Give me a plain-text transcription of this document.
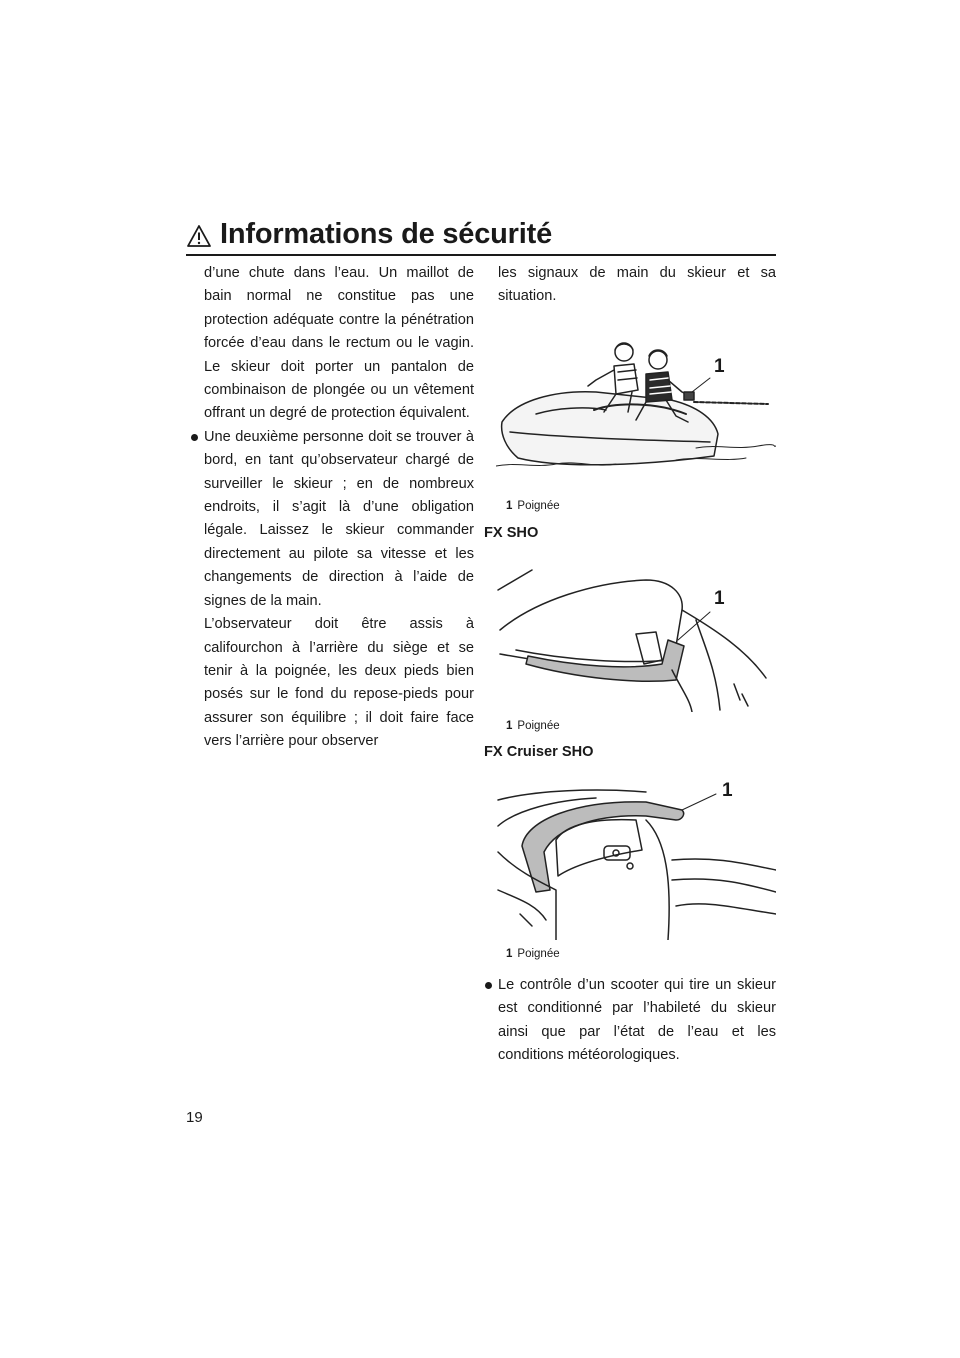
Informations de sécurité

d’une chute dans l’eau. Un maillot de bain normal ne constitue pas une protection adéquate contre la pénétration forcée d’eau dans le rectum ou le vagin. Le skieur doit porter un pantalon de combinaison de plongée ou un vêtement offrant un degré de protection équivalent.

Une deuxième personne doit se trouver à bord, en tant qu’observateur chargé de surveiller le skieur ; en de nombreux endroits, il s’agit là d’une obligation légale. Laissez le skieur commander directement au pilote sa vitesse et les changements de direction à l’aide de signes de la main.

L’observateur doit être assis à califourchon à l’arrière du siège et se tenir à la poignée, les deux pieds bien posés sur le fond du repose-pieds pour assurer son équilibre ; il doit faire face vers l’arrière pour observer

les signaux de main du skieur et sa situation.

1
1 Poignée
FX SHO
1
1 Poignée
FX Cruiser SHO
1
1 Poignée

Le contrôle d’un scooter qui tire un skieur est conditionné par l’habileté du skieur ainsi que par l’état de l’eau et les conditions météorologiques.

19
